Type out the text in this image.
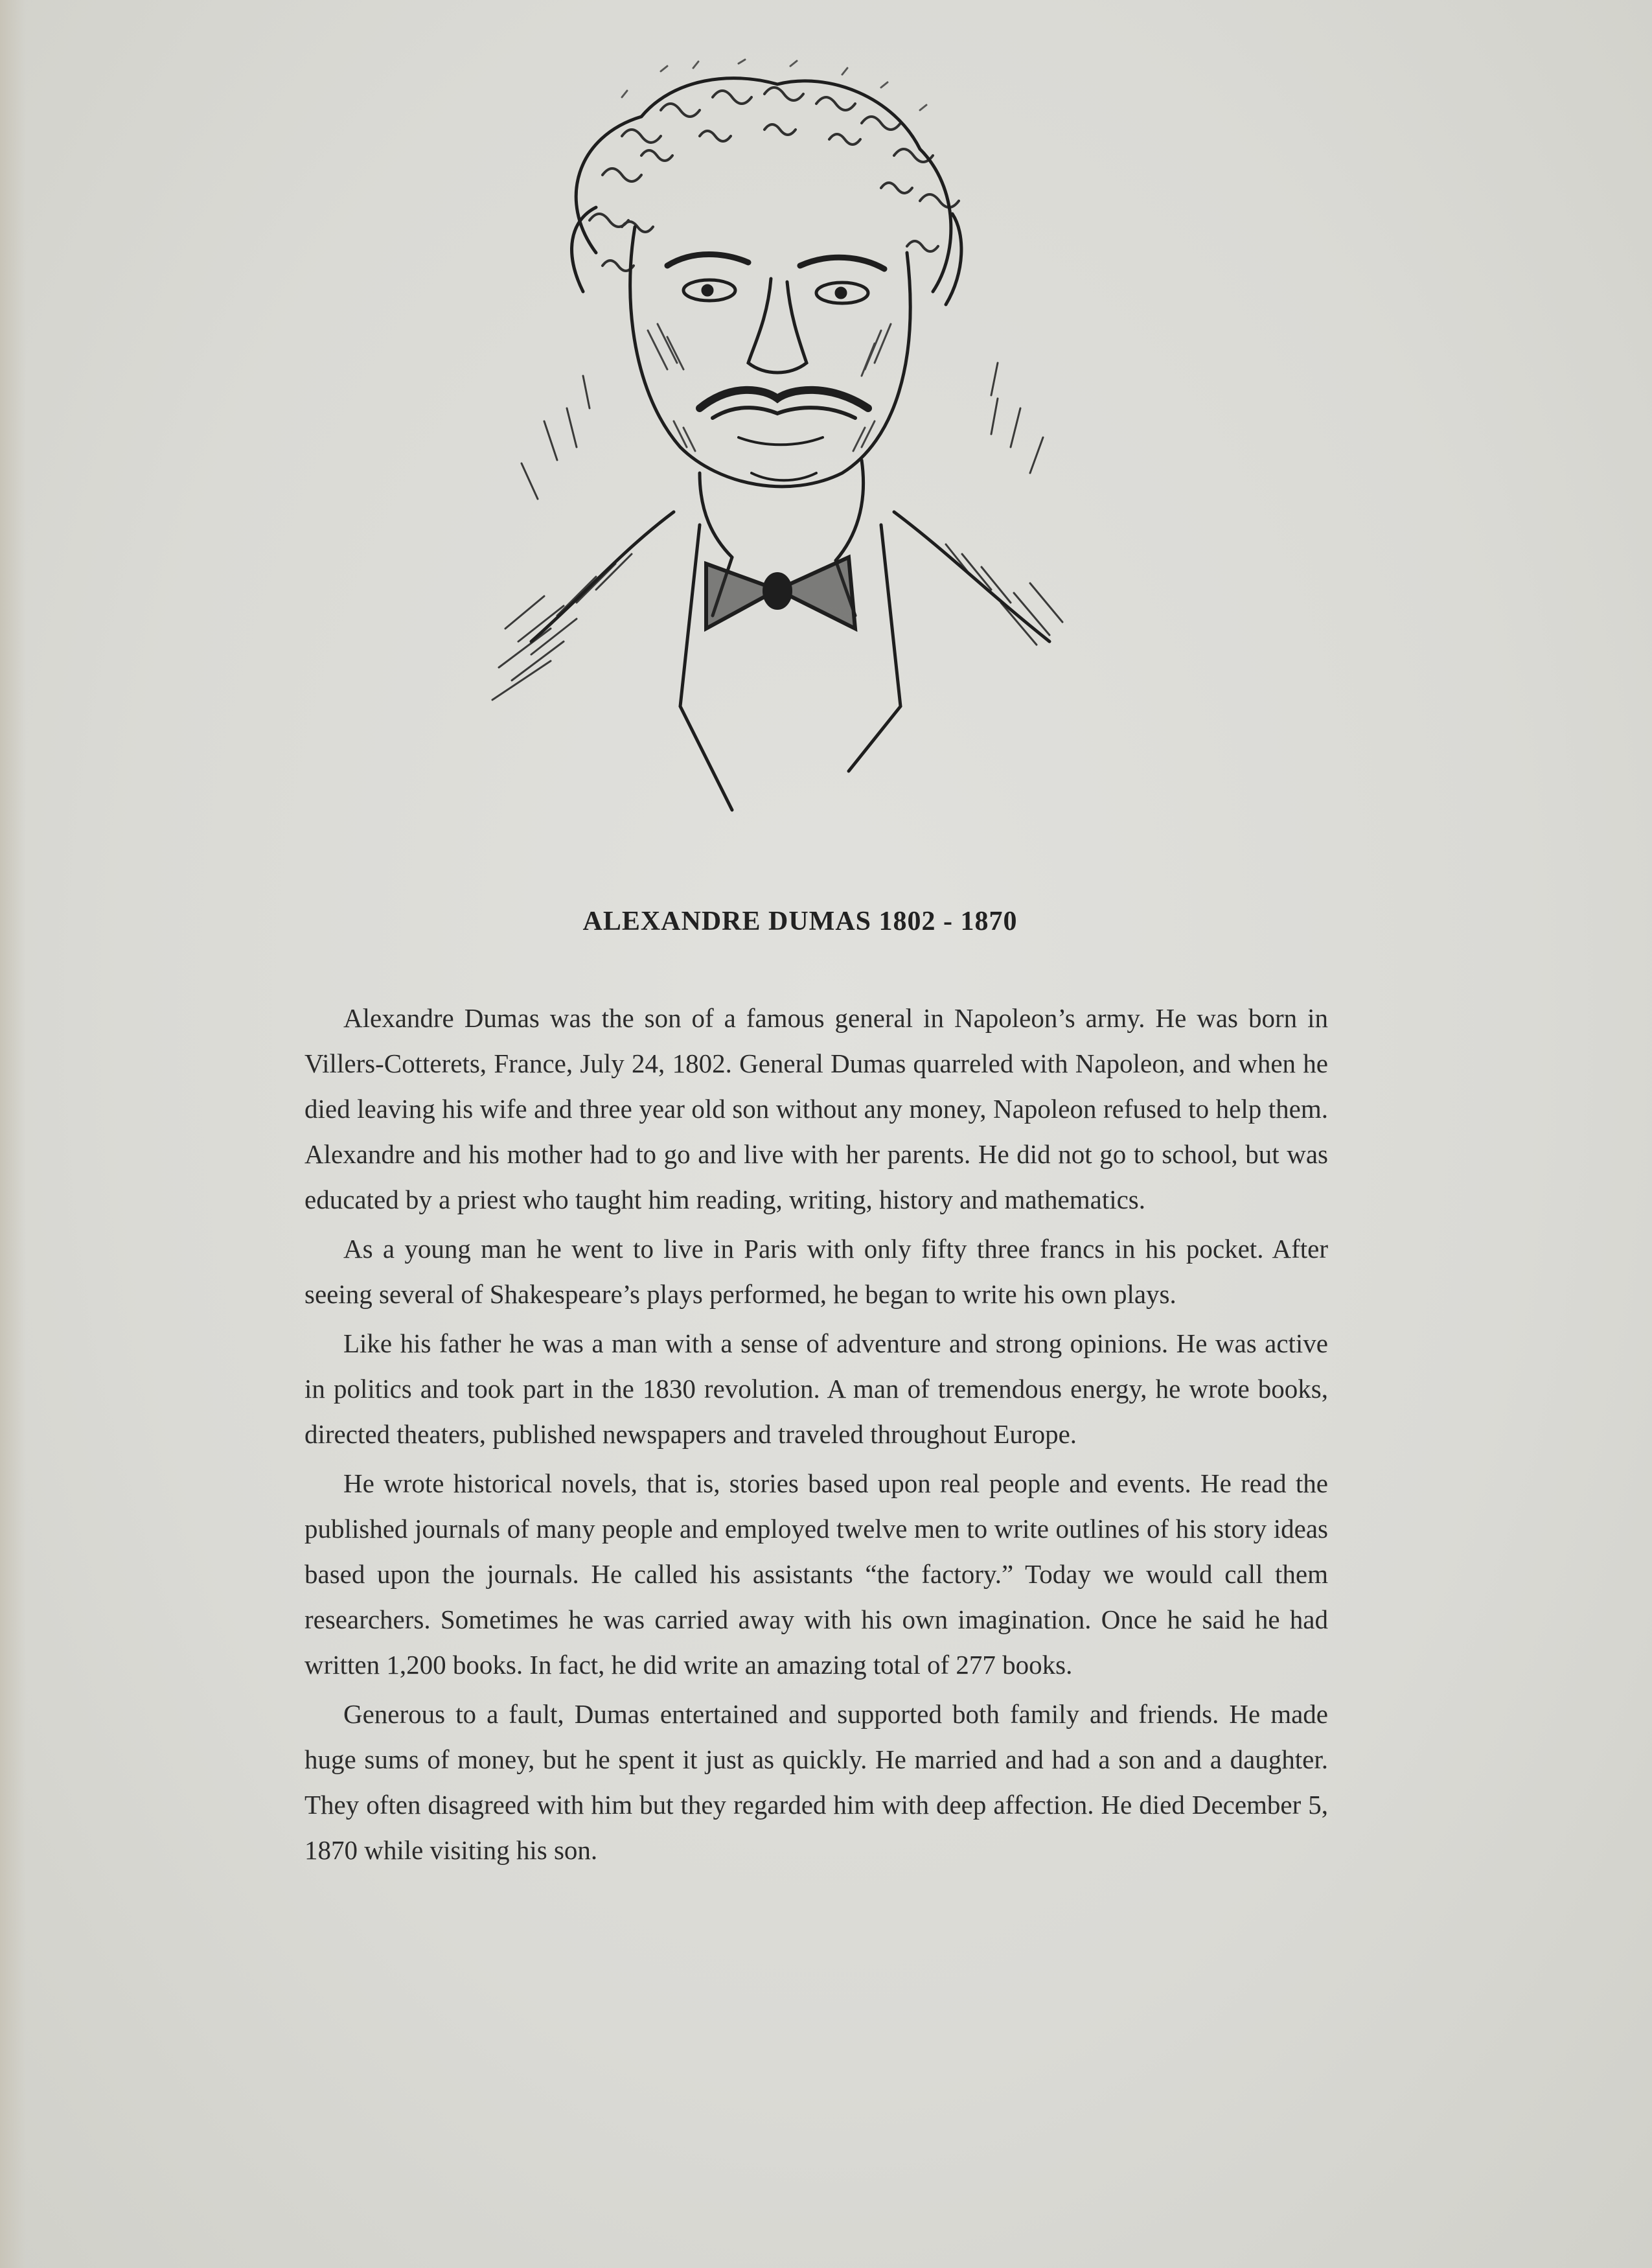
ALEXANDRE DUMAS 1802 - 1870

Alexandre Dumas was the son of a famous general in Napoleon’s army. He was born in Villers-Cotterets, France, July 24, 1802. General Dumas quarreled with Napoleon, and when he died leaving his wife and three year old son without any money, Napoleon refused to help them. Alexandre and his mother had to go and live with her parents. He did not go to school, but was educated by a priest who taught him reading, writing, history and mathematics.

As a young man he went to live in Paris with only fifty three francs in his pocket. After seeing several of Shakespeare’s plays performed, he began to write his own plays.

Like his father he was a man with a sense of adventure and strong opinions. He was active in politics and took part in the 1830 revolution. A man of tremendous energy, he wrote books, directed theaters, published newspapers and traveled throughout Europe.

He wrote historical novels, that is, stories based upon real people and events. He read the published journals of many people and employed twelve men to write outlines of his story ideas based upon the journals. He called his assistants “the factory.” Today we would call them researchers. Sometimes he was carried away with his own imagination. Once he said he had written 1,200 books. In fact, he did write an amazing total of 277 books.

Generous to a fault, Dumas entertained and supported both family and friends. He made huge sums of money, but he spent it just as quickly. He married and had a son and a daughter. They often disagreed with him but they regarded him with deep affection. He died December 5, 1870 while visiting his son.
